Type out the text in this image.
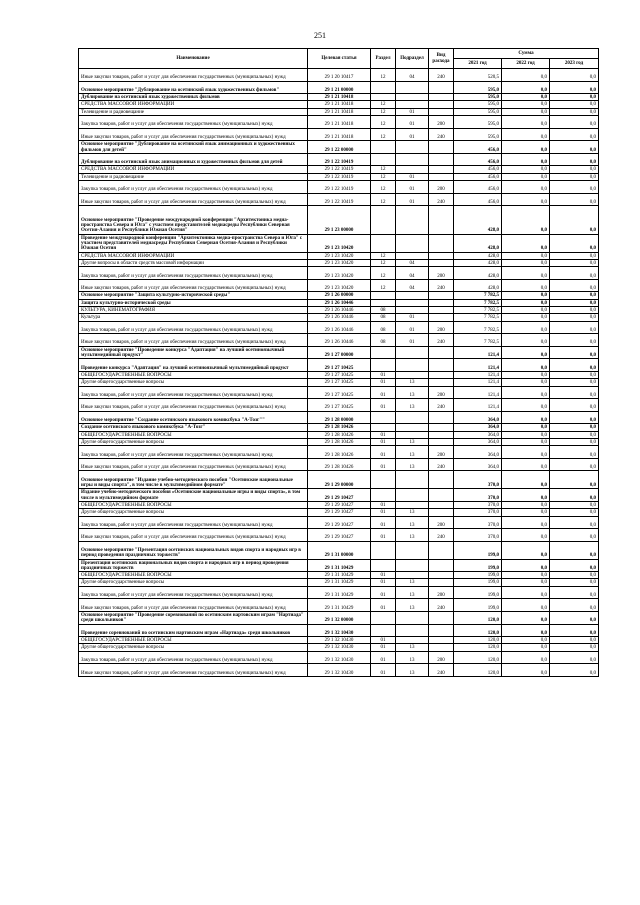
251
Наименование	Целевая статья	Раздел	Подраздел	Вид расхода	Сумма		
					2021 год	2022 год	2023 год
Иные закупки товаров, работ и услуг для обеспечения государственных (муниципальных) нужд	29 1 20 10417	12	04	240	520,5	0,0	0,0
Основное мероприятие "Дублирование на осетинский язык художественных фильмов"	29 1 21 00000				595,0	0,0	0,0
Дублирование на осетинский язык художественных фильмов	29 1 21 10418				595,0	0,0	0,0
СРЕДСТВА МАССОВОЙ ИНФОРМАЦИИ	29 1 21 10418	12			595,0	0,0	0,0
Телевидение и радиовещание	29 1 21 10418	12	01		595,0	0,0	0,0
Закупка товаров, работ и услуг для обеспечения государственных (муниципальных) нужд	29 1 21 10418	12	01	200	595,0	0,0	0,0
Иные закупки товаров, работ и услуг для обеспечения государственных (муниципальных) нужд	29 1 21 10418	12	01	240	595,0	0,0	0,0
Основное мероприятие "Дублирование на осетинский язык анимационных и художественных фильмов для детей"	29 1 22 00000				456,0	0,0	0,0
Дублирование на осетинский язык анимационных и художественных фильмов для детей	29 1 22 10419				456,0	0,0	0,0
СРЕДСТВА МАССОВОЙ ИНФОРМАЦИИ	29 1 22 10419	12			456,0	0,0	0,0
Телевидение и радиовещание	29 1 22 10419	12	01		456,0	0,0	0,0
Закупка товаров, работ и услуг для обеспечения государственных (муниципальных) нужд	29 1 22 10419	12	01	200	456,0	0,0	0,0
Иные закупки товаров, работ и услуг для обеспечения государственных (муниципальных) нужд	29 1 22 10419	12	01	240	456,0	0,0	0,0
Основное мероприятие "Проведение международной конференции "Архитектоника медиа-пространства Севера и Юга" с участием представителей медиасреды Республики Северная Осетия-Алания и Республики Южная Осетия"	29 1 23 00000				428,0	0,0	0,0
Проведение международной конференции "Архитектоника медиа-пространства Севера и Юга" с участием представителей медиасреды Республики Северная Осетия-Алания и Республики Южная Осетия	29 1 23 10420				428,0	0,0	0,0
СРЕДСТВА МАССОВОЙ ИНФОРМАЦИИ	29 1 23 10420	12			428,0	0,0	0,0
Другие вопросы в области средств массовой информации	29 1 23 10420	12	04		428,0	0,0	0,0
Закупка товаров, работ и услуг для обеспечения государственных (муниципальных) нужд	29 1 23 10420	12	04	200	428,0	0,0	0,0
Иные закупки товаров, работ и услуг для обеспечения государственных (муниципальных) нужд	29 1 23 10420	12	04	240	428,0	0,0	0,0
Основное мероприятие "Защита культурно-исторической среды"	29 1 26 00000				7 782,5	0,0	0,0
Защита культурно-исторической среды	29 1 26 10446				7 782,5	0,0	0,0
КУЛЬТУРА, КИНЕМАТОГРАФИЯ	29 1 26 10446	08			7 782,5	0,0	0,0
Культура	29 1 26 10446	08	01		7 782,5	0,0	0,0
Закупка товаров, работ и услуг для обеспечения государственных (муниципальных) нужд	29 1 26 10446	08	01	200	7 782,5	0,0	0,0
Иные закупки товаров, работ и услуг для обеспечения государственных (муниципальных) нужд	29 1 26 10446	08	01	240	7 782,5	0,0	0,0
Основное мероприятие "Проведение конкурса "Адаптация" на лучший осетиноязычный мультимедийный продукт"	29 1 27 00000				121,4	0,0	0,0
Проведение конкурса "Адаптация" на лучший осетиноязычный мультимедийный продукт	29 1 27 10425				121,4	0,0	0,0
ОБЩЕГОСУДАРСТВЕННЫЕ ВОПРОСЫ	29 1 27 10425	01			121,4	0,0	0,0
Другие общегосударственные вопросы	29 1 27 10425	01	13		121,4	0,0	0,0
Закупка товаров, работ и услуг для обеспечения государственных (муниципальных) нужд	29 1 27 10425	01	13	200	121,4	0,0	0,0
Иные закупки товаров, работ и услуг для обеспечения государственных (муниципальных) нужд	29 1 27 10425	01	13	240	121,4	0,0	0,0
Основное мероприятие "Создание осетинского языкового комиксбука "А-Тозг""	29 1 28 00000				364,0	0,0	0,0
Создание осетинского языкового комиксбука "А-Тозг"	29 1 28 10426				364,0	0,0	0,0
ОБЩЕГОСУДАРСТВЕННЫЕ ВОПРОСЫ	29 1 28 10426	01			364,0	0,0	0,0
Другие общегосударственные вопросы	29 1 28 10426	01	13		364,0	0,0	0,0
Закупка товаров, работ и услуг для обеспечения государственных (муниципальных) нужд	29 1 28 10426	01	13	200	364,0	0,0	0,0
Иные закупки товаров, работ и услуг для обеспечения государственных (муниципальных) нужд	29 1 28 10426	01	13	240	364,0	0,0	0,0
Основное мероприятие "Издание учебно-методического пособия "Осетинские национальные игры и виды спорта", в том числе в мультимедийном формате"	29 1 29 00000				370,0	0,0	0,0
Издание учебно-методического пособия «Осетинские национальные игры и виды спорта», в том числе в мультимедийном формате	29 1 29 10427				370,0	0,0	0,0
ОБЩЕГОСУДАРСТВЕННЫЕ ВОПРОСЫ	29 1 29 10427	01			370,0	0,0	0,0
Другие общегосударственные вопросы	29 1 29 10427	01	13		370,0	0,0	0,0
Закупка товаров, работ и услуг для обеспечения государственных (муниципальных) нужд	29 1 29 10427	01	13	200	370,0	0,0	0,0
Иные закупки товаров, работ и услуг для обеспечения государственных (муниципальных) нужд	29 1 29 10427	01	13	240	370,0	0,0	0,0
Основное мероприятие "Презентация осетинских национальных видов спорта и народных игр в период проведения праздничных торжеств"	29 1 31 00000				199,0	0,0	0,0
Презентация осетинских национальных видов спорта и народных игр в период проведения праздничных торжеств	29 1 31 10429				199,0	0,0	0,0
ОБЩЕГОСУДАРСТВЕННЫЕ ВОПРОСЫ	29 1 31 10429	01			199,0	0,0	0,0
Другие общегосударственные вопросы	29 1 31 10429	01	13		199,0	0,0	0,0
Закупка товаров, работ и услуг для обеспечения государственных (муниципальных) нужд	29 1 31 10429	01	13	200	199,0	0,0	0,0
Иные закупки товаров, работ и услуг для обеспечения государственных (муниципальных) нужд	29 1 31 10429	01	13	240	199,0	0,0	0,0
Основное мероприятие "Проведение соревнований по осетинским нартовским играм "Нартиада" среди школьников"	29 1 32 00000				120,0	0,0	0,0
Проведение соревнований по осетинским нартовским играм «Нартиада» среди школьников	29 1 32 10430				120,0	0,0	0,0
ОБЩЕГОСУДАРСТВЕННЫЕ ВОПРОСЫ	29 1 32 10430	01			120,0	0,0	0,0
Другие общегосударственные вопросы	29 1 32 10430	01	13		120,0	0,0	0,0
Закупка товаров, работ и услуг для обеспечения государственных (муниципальных) нужд	29 1 32 10430	01	13	200	120,0	0,0	0,0
Иные закупки товаров, работ и услуг для обеспечения государственных (муниципальных) нужд	29 1 32 10430	01	13	240	120,0	0,0	0,0
